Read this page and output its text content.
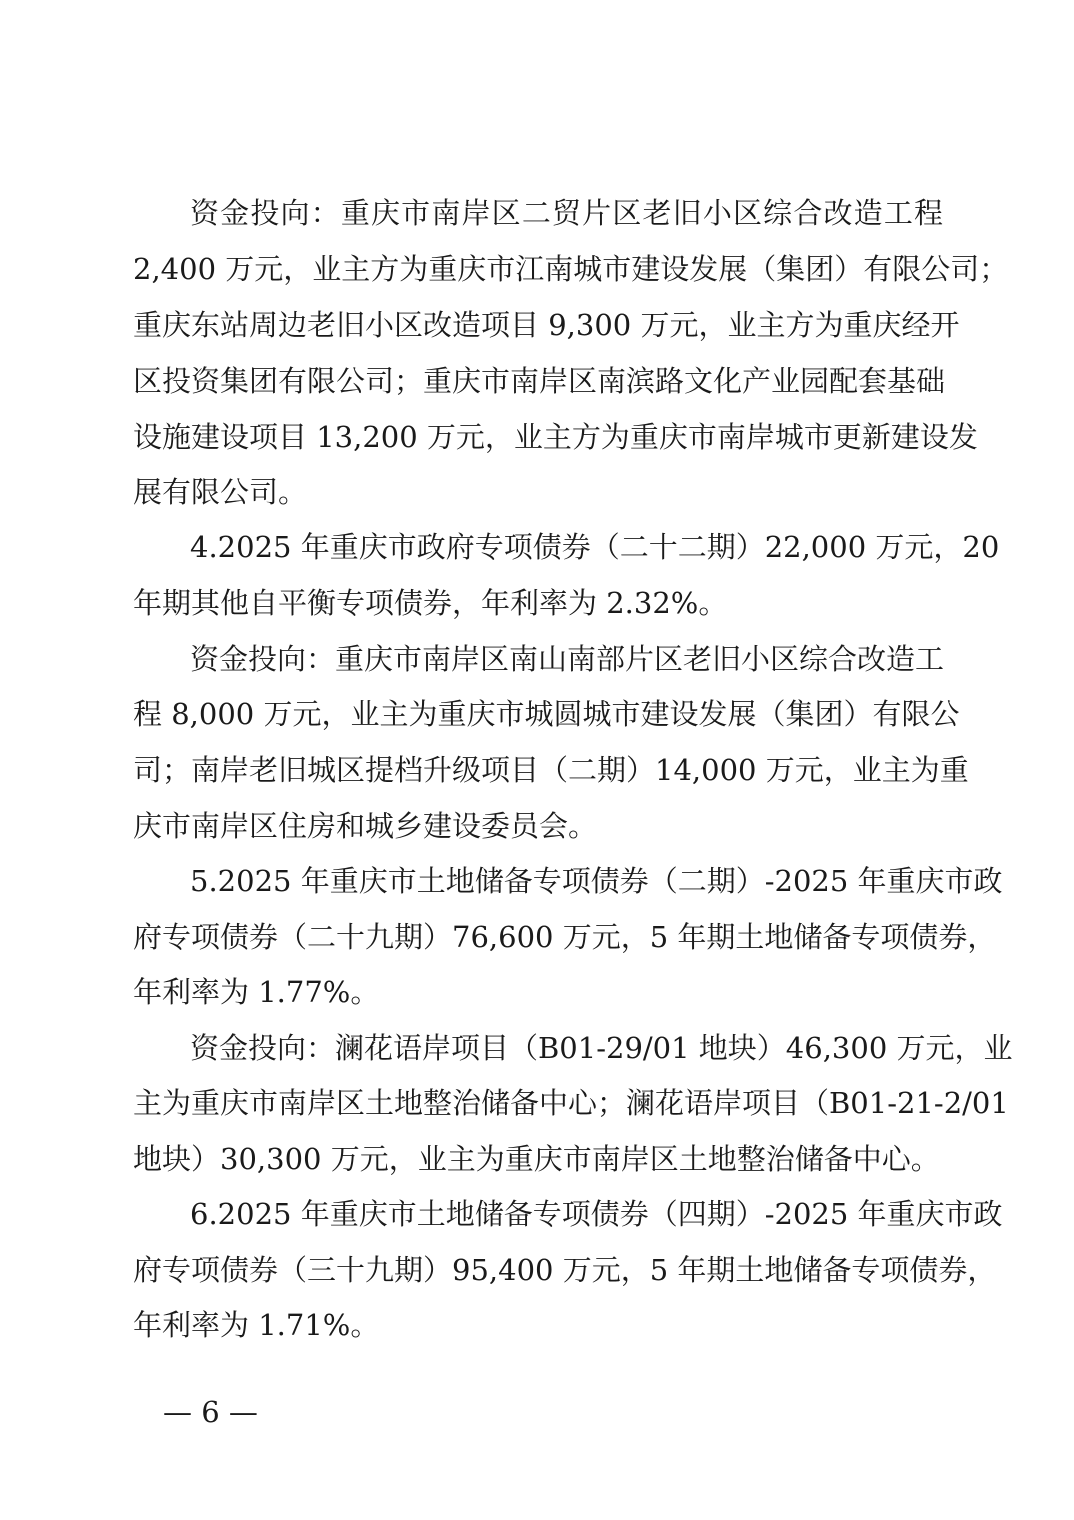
资金投向：重庆市南岸区二贸片区老旧小区综合改造工程
2,400 万元，业主方为重庆市江南城市建设发展（集团）有限公司；
重庆东站周边老旧小区改造项目 9,300 万元，业主方为重庆经开
区投资集团有限公司；重庆市南岸区南滨路文化产业园配套基础
设施建设项目 13,200 万元，业主方为重庆市南岸城市更新建设发
展有限公司。
4.2025 年重庆市政府专项债券（二十二期）22,000 万元，20
年期其他自平衡专项债券，年利率为 2.32%。
资金投向：重庆市南岸区南山南部片区老旧小区综合改造工
程 8,000 万元，业主为重庆市城圆城市建设发展（集团）有限公
司；南岸老旧城区提档升级项目（二期）14,000 万元，业主为重
庆市南岸区住房和城乡建设委员会。
5.2025 年重庆市土地储备专项债券（二期）-2025 年重庆市政
府专项债券（二十九期）76,600 万元，5 年期土地储备专项债券，
年利率为 1.77%。
资金投向：澜花语岸项目（B01-29/01 地块）46,300 万元，业
主为重庆市南岸区土地整治储备中心；澜花语岸项目（B01-21-2/01
地块）30,300 万元，业主为重庆市南岸区土地整治储备中心。
6.2025 年重庆市土地储备专项债券（四期）-2025 年重庆市政
府专项债券（三十九期）95,400 万元，5 年期土地储备专项债券，
年利率为 1.71%。
— 6 —
